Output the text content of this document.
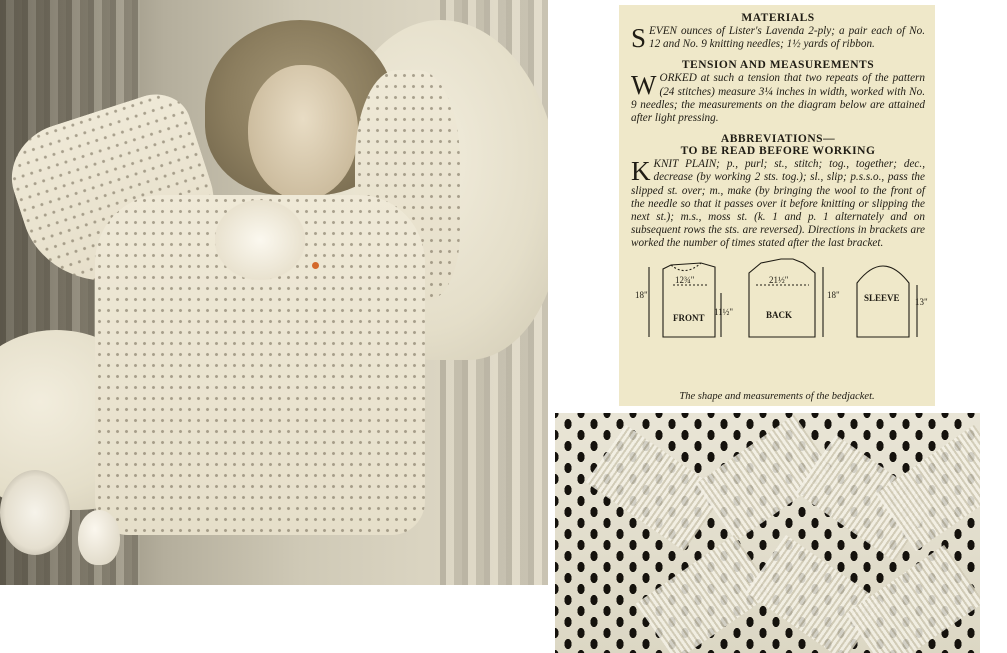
MATERIALS

SEVEN ounces of Lister's Lavenda 2-ply; a pair each of No. 12 and No. 9 knitting needles; 1½ yards of ribbon.

TENSION AND MEASUREMENTS

WORKED at such a tension that two repeats of the pattern (24 stitches) measure 3¼ inches in width, worked with No. 9 needles; the measurements on the diagram below are attained after light pressing.

ABBREVIATIONS—
TO BE READ BEFORE WORKING

KKNIT PLAIN; p., purl; st., stitch; tog., together; dec., decrease (by working 2 sts. tog.); sl., slip; p.s.s.o., pass the slipped st. over; m., make (by bringing the wool to the front of the needle so that it passes over it before knitting or slipping the next st.); m.s., moss st. (k. 1 and p. 1 alternately and on subsequent rows the sts. are reversed). Directions in brackets are worked the number of times stated after the last bracket.

18"
12¾"
11½"
FRONT
21½"
BACK
18"	SLEEVE 13"
The shape and measurements of the bedjacket.
